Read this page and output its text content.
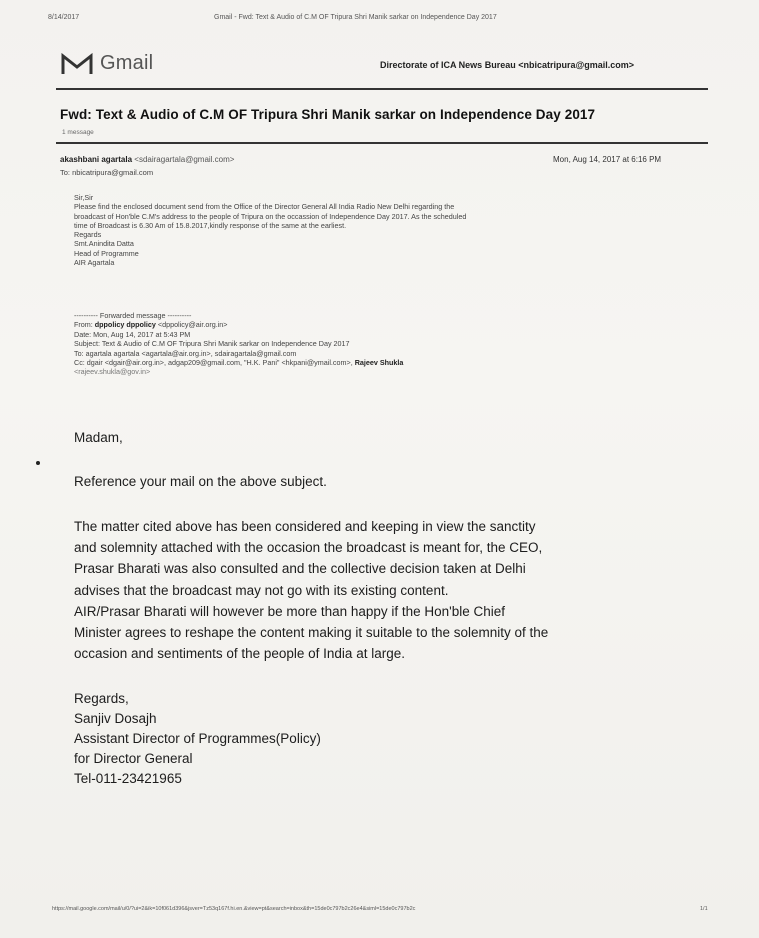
8/14/2017	Gmail - Fwd: Text & Audio of C.M OF Tripura Shri Manik sarkar on Independence Day 2017
Gmail	Directorate of ICA News Bureau <nbicatripura@gmail.com>
Fwd: Text & Audio of C.M OF Tripura Shri Manik sarkar on Independence Day 2017
1 message
akashbani agartala <sdairagartala@gmail.com>
To: nbicatripura@gmail.com
Mon, Aug 14, 2017 at 6:16 PM
Sir,Sir
Please find the enclosed document send from the Office of the Director General All India Radio New Delhi regarding the
broadcast of Hon'ble C.M's address to the people of Tripura on the occassion of Independence Day 2017. As the scheduled
time of Broadcast is 6.30 Am of 15.8.2017,kindly response of the same at the earliest.
Regards
Smt.Anindita Datta
Head of Programme
AIR Agartala
---------- Forwarded message ----------
From: dppolicy dppolicy <dppolicy@air.org.in>
Date: Mon, Aug 14, 2017 at 5:43 PM
Subject: Text & Audio of C.M OF Tripura Shri Manik sarkar on Independence Day 2017
To: agartala agartala <agartala@air.org.in>, sdairagartala@gmail.com
Cc: dgair <dgair@air.org.in>, adgap209@gmail.com, "H.K. Pani" <hkpani@ymail.com>, Rajeev Shukla
<rajeev.shukla@gov.in>
Madam,
Reference your mail on the above subject.
The matter cited above has been considered and keeping in view the sanctity
and solemnity attached with the occasion the broadcast is meant for, the CEO,
Prasar Bharati was also consulted and the collective decision taken at Delhi
advises that the broadcast may not go with its existing content.
AIR/Prasar Bharati will however be more than happy if the Hon'ble Chief
Minister agrees to reshape the content making it suitable to the solemnity of the
occasion and sentiments of the people of India at large.
Regards,
Sanjiv Dosajh
Assistant Director of Programmes(Policy)
for Director General
Tel-011-23421965
https://mail.google.com/mail/u/0/?ui=2&ik=10f061d396&jsver=Tz53q167f.hi.en.&view=pt&search=inbox&th=15de0c797b2c26e4&siml=15de0c797b2c	1/1
